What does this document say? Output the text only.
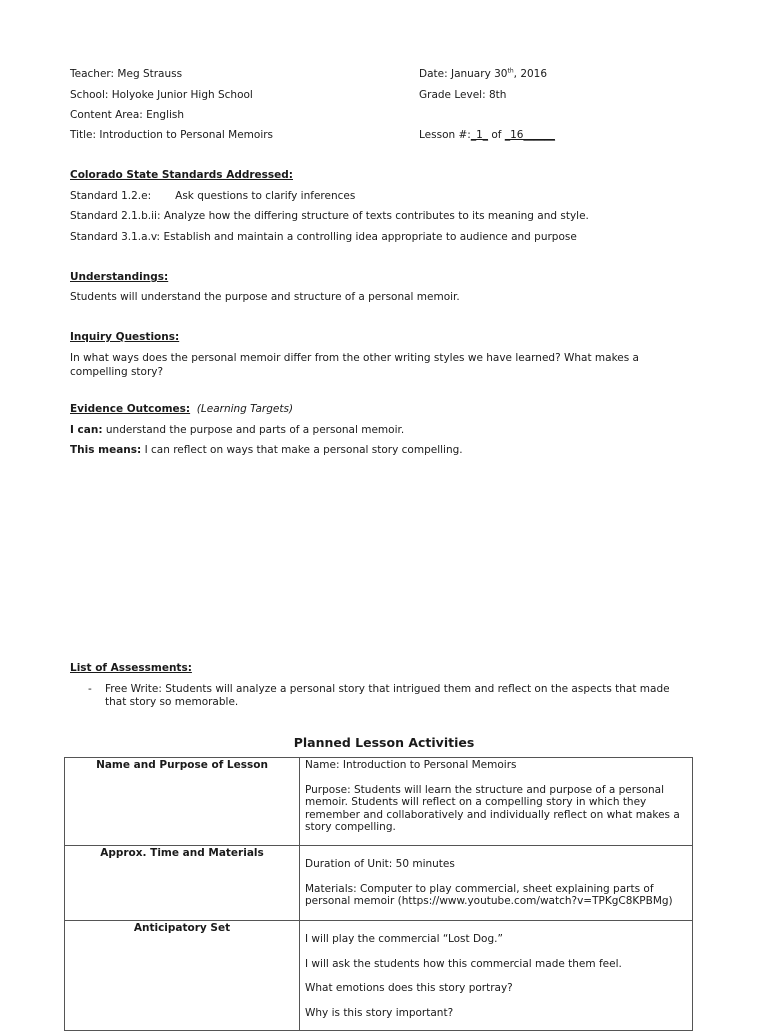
Teacher: Meg Strauss	Date: January 30th, 2016
School: Holyoke Junior High School	Grade Level: 8th
Content Area: English
Title: Introduction to Personal Memoirs	Lesson #:_1_ of _16______
Colorado State Standards Addressed:
Standard 1.2.e: Ask questions to clarify inferences
Standard 2.1.b.ii: Analyze how the differing structure of texts contributes to its meaning and style.
Standard 3.1.a.v: Establish and maintain a controlling idea appropriate to audience and purpose
Understandings:
Students will understand the purpose and structure of a personal memoir.
Inquiry Questions:
In what ways does the personal memoir differ from the other writing styles we have learned? What makes a compelling story?
Evidence Outcomes: (Learning Targets)
I can: understand the purpose and parts of a personal memoir.
This means: I can reflect on ways that make a personal story compelling.
List of Assessments:
- Free Write: Students will analyze a personal story that intrigued them and reflect on the aspects that made that story so memorable.
Planned Lesson Activities
Name and Purpose of Lesson	Name: Introduction to Personal Memoirs

Purpose: Students will learn the structure and purpose of a personal memoir. Students will reflect on a compelling story in which they remember and collaboratively and individually reflect on what makes a story compelling.

Approx. Time and Materials	Duration of Unit: 50 minutes

Materials: Computer to play commercial, sheet explaining parts of personal memoir (https://www.youtube.com/watch?v=TPKgC8KPBMg)

Anticipatory Set	I will play the commercial “Lost Dog.”

I will ask the students how this commercial made them feel.

What emotions does this story portray?

Why is this story important?
